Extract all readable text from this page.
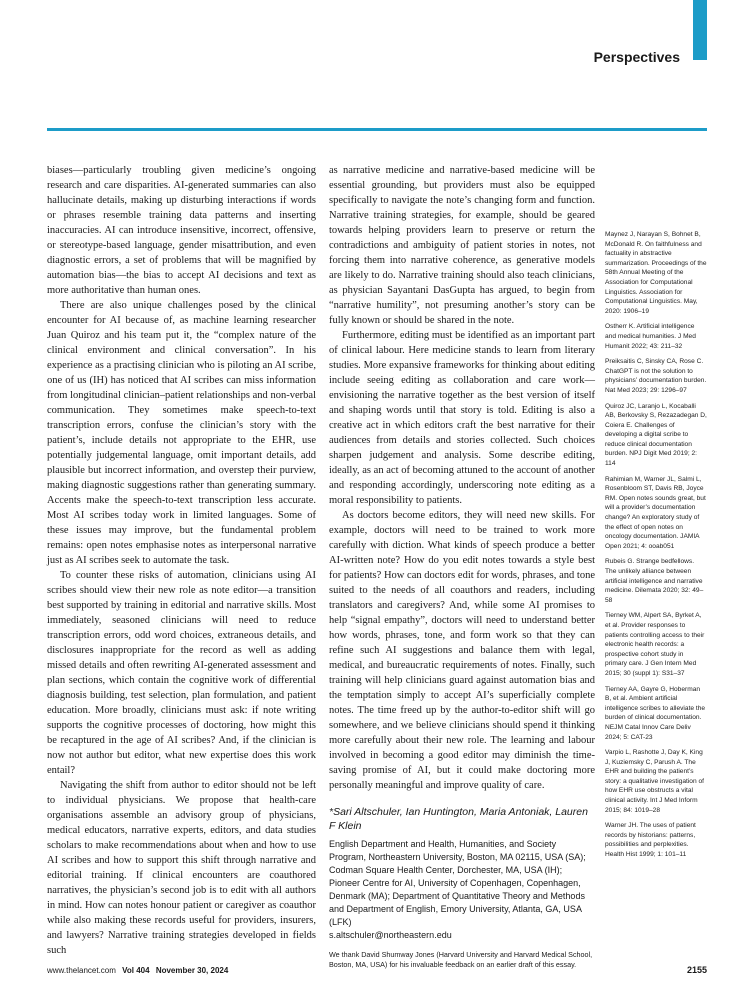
Perspectives

biases—particularly troubling given medicine’s ongoing research and care disparities. AI-generated summaries can also hallucinate details, making up disturbing interactions if words or phrases resemble training data patterns and inserting inaccuracies. AI can introduce insensitive, incorrect, offensive, or stereotype-based language, gender misattribution, and even diagnostic errors, a set of problems that will be magnified by automation bias—the bias to accept AI decisions and text as more authoritative than human ones.

There are also unique challenges posed by the clinical encounter for AI because of, as machine learning researcher Juan Quiroz and his team put it, the “complex nature of the clinical environment and clinical conversation”. In his experience as a practising clinician who is piloting an AI scribe, one of us (IH) has noticed that AI scribes can miss information from longitudinal clinician–patient relationships and non-verbal communication. They sometimes make speech-to-text transcription errors, confuse the clinician’s story with the patient’s, include details not appropriate to the EHR, use potentially judgemental language, omit important details, add plausible but incorrect information, and overstep their purview, making diagnostic suggestions rather than generating summary. Accents make the speech-to-text transcription less accurate. Most AI scribes today work in limited languages. Some of these issues may improve, but the fundamental problem remains: open notes emphasise notes as interpersonal narrative just as AI scribes seek to automate the task.

To counter these risks of automation, clinicians using AI scribes should view their new role as note editor—a transition best supported by training in editorial and narrative skills. Most immediately, seasoned clinicians will need to reduce transcription errors, odd word choices, extraneous details, and disclosures inappropriate for the record as well as adding missed details and often rewriting AI-generated assessment and plan sections, which contain the cognitive work of differential diagnosis building, test selection, plan formulation, and patient education. More broadly, clinicians must ask: if note writing supports the cognitive processes of doctoring, how might this be recaptured in the age of AI scribes? And, if the clinician is now not author but editor, what new expertise does this work entail?

Navigating the shift from author to editor should not be left to individual physicians. We propose that health-care organisations assemble an advisory group of physicians, medical educators, narrative experts, editors, and data studies scholars to make recommendations about when and how to use AI scribes and how to support this shift through narrative and editorial training. If clinical encounters are coauthored narratives, the physician’s second job is to edit with all authors in mind. How can notes honour patient or caregiver as coauthor while also making these records useful for providers, insurers, and lawyers? Narrative training strategies developed in fields such

as narrative medicine and narrative-based medicine will be essential grounding, but providers must also be equipped specifically to navigate the note’s changing form and function. Narrative training strategies, for example, should be geared towards helping providers learn to preserve or return the contradictions and ambiguity of patient stories in notes, not forcing them into narrative coherence, as generative models are likely to do. Narrative training should also teach clinicians, as physician Sayantani DasGupta has argued, to begin from “narrative humility”, not presuming another’s story can be fully known or should be shared in the note.

Furthermore, editing must be identified as an important part of clinical labour. Here medicine stands to learn from literary studies. More expansive frameworks for thinking about editing include seeing editing as collaboration and care work—envisioning the narrative together as the best version of itself and shaping words until that story is told. Editing is also a creative act in which editors craft the best narrative for their audiences from details and stories collected. Such choices sharpen judgement and analysis. Some describe editing, ideally, as an act of becoming attuned to the account of another and responding accordingly, underscoring note editing as a moral responsibility to patients.

As doctors become editors, they will need new skills. For example, doctors will need to be trained to work more carefully with diction. What kinds of speech produce a better AI-written note? How do you edit notes towards a style best for patients? How can doctors edit for words, phrases, and tone suited to the needs of all coauthors and readers, including translators and caregivers? And, while some AI promises to help “signal empathy”, doctors will need to understand better how words, phrases, tone, and form work so that they can refine such AI suggestions and balance them with legal, medical, and bureaucratic requirements of notes. Finally, such training will help clinicians guard against automation bias and the temptation simply to accept AI’s superficially complete notes. The time freed up by the author-to-editor shift will go somewhere, and we believe clinicians should spend it thinking more carefully about their new role. The learning and labour involved in becoming a good editor may diminish the time-saving promise of AI, but it could make doctoring more personally meaningful and improve quality of care.

*Sari Altschuler, Ian Huntington, Maria Antoniak, Lauren F Klein
English Department and Health, Humanities, and Society Program, Northeastern University, Boston, MA 02115, USA (SA); Codman Square Health Center, Dorchester, MA, USA (IH); Pioneer Centre for AI, University of Copenhagen, Copenhagen, Denmark (MA); Department of Quantitative Theory and Methods and Department of English, Emory University, Atlanta, GA, USA (LFK)
s.altschuler@northeastern.edu
We thank David Shumway Jones (Harvard University and Harvard Medical School, Boston, MA, USA) for his invaluable feedback on an earlier draft of this essay.

Maynez J, Narayan S, Bohnet B, McDonald R. On faithfulness and factuality in abstractive summarization. Proceedings of the 58th Annual Meeting of the Association for Computational Linguistics. Association for Computational Linguistics. May, 2020: 1906–19

Ostherr K. Artificial intelligence and medical humanities. J Med Humanit 2022; 43: 211–32

Preiksaitis C, Sinsky CA, Rose C. ChatGPT is not the solution to physicians’ documentation burden. Nat Med 2023; 29: 1296–97

Quiroz JC, Laranjo L, Kocaballi AB, Berkovsky S, Rezazadegan D, Coiera E. Challenges of developing a digital scribe to reduce clinical documentation burden. NPJ Digit Med 2019; 2: 114

Rahimian M, Warner JL, Salmi L, Rosenbloom ST, Davis RB, Joyce RM. Open notes sounds great, but will a provider’s documentation change? An exploratory study of the effect of open notes on oncology documentation. JAMIA Open 2021; 4: ooab051

Rubeis G. Strange bedfellows. The unlikely alliance between artificial intelligence and narrative medicine. Dilemata 2020; 32: 49–58

Tierney WM, Alpert SA, Byrket A, et al. Provider responses to patients controlling access to their electronic health records: a prospective cohort study in primary care. J Gen Intern Med 2015; 30 (suppl 1): S31–37

Tierney AA, Gayre G, Hoberman B, et al. Ambient artificial intelligence scribes to alleviate the burden of clinical documentation. NEJM Catal Innov Care Deliv 2024; 5: CAT-23

Varpio L, Rashotte J, Day K, King J, Kuziemsky C, Parush A. The EHR and building the patient’s story: a qualitative investigation of how EHR use obstructs a vital clinical activity. Int J Med Inform 2015; 84: 1019–28

Warner JH. The uses of patient records by historians: patterns, possibilities and perplexities. Health Hist 1999; 1: 101–11

www.thelancet.com Vol 404 November 30, 2024	2155
